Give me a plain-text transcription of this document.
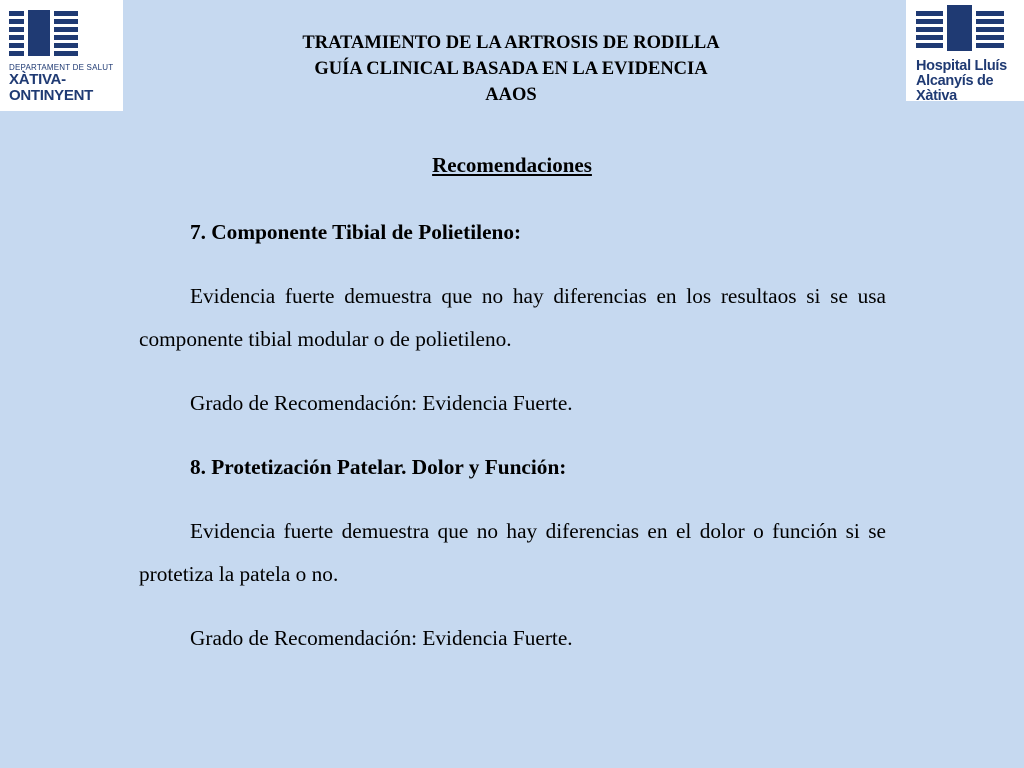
DEPARTAMENT DE SALUT
XÀTIVA-ONTINYENT
Hospital Lluís
Alcanyís de Xàtiva
TRATAMIENTO DE LA ARTROSIS DE RODILLA
GUÍA CLINICAL BASADA EN LA EVIDENCIA
AAOS
Recomendaciones

7. Componente Tibial de Polietileno:

Evidencia fuerte demuestra que no hay diferencias en los resultaos si se usa componente tibial modular o de polietileno.

Grado de Recomendación: Evidencia Fuerte.

8. Protetización Patelar. Dolor y Función:

Evidencia fuerte demuestra que no hay diferencias en el dolor o función si se protetiza la patela o no.

Grado de Recomendación: Evidencia Fuerte.
